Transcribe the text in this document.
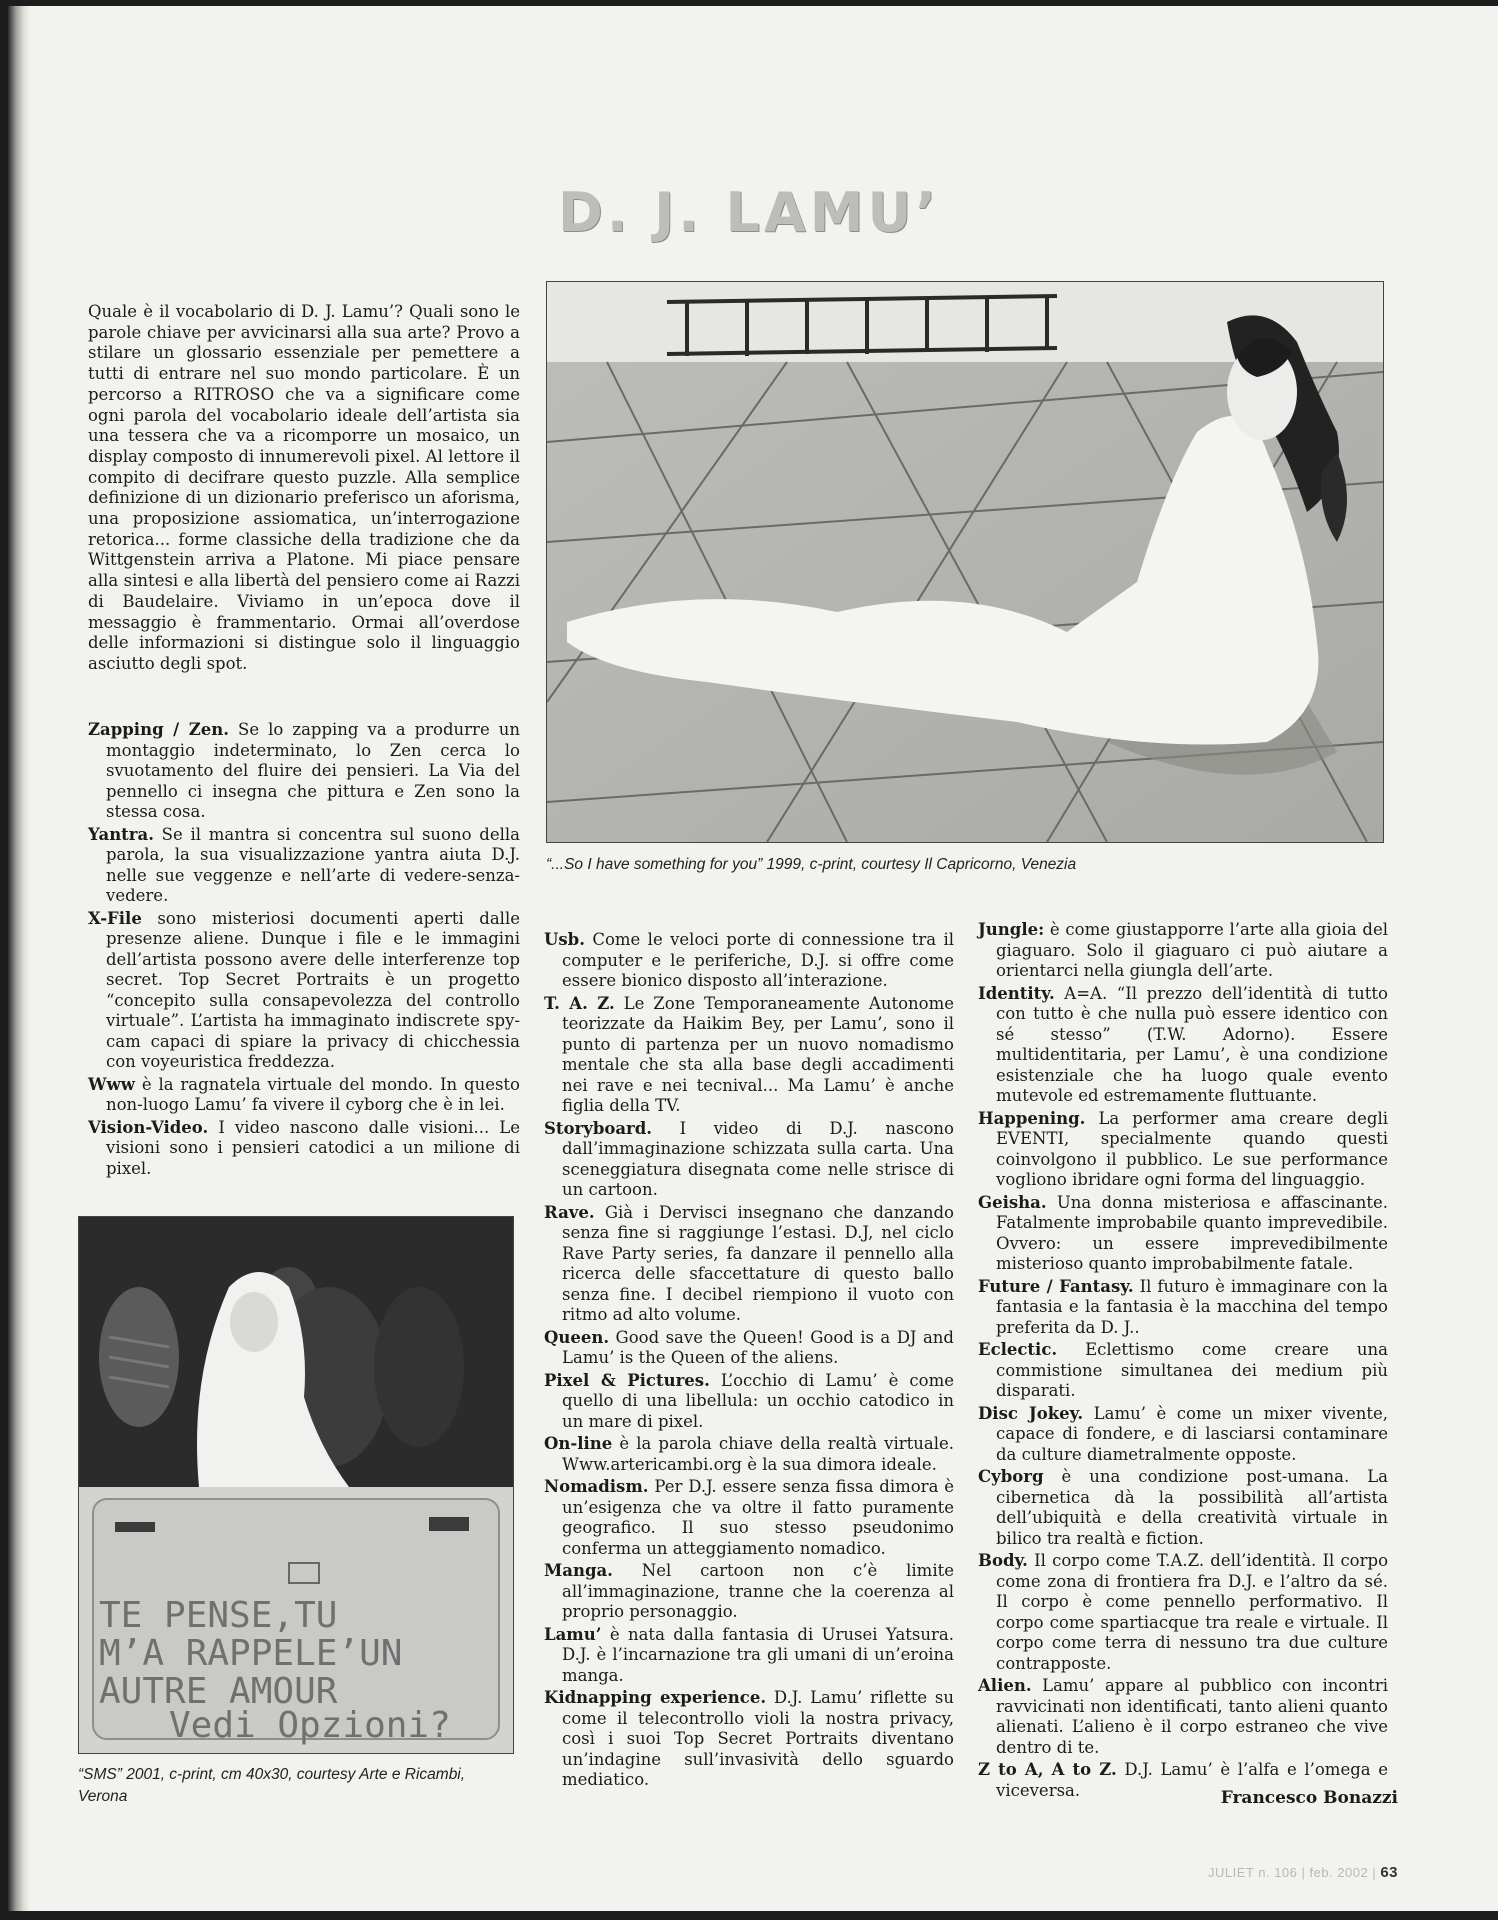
D. J. LAMU’

Quale è il vocabolario di D. J. Lamu’? Quali sono le parole chiave per avvicinarsi alla sua arte? Provo a stilare un glossario essenziale per pemettere a tutti di entrare nel suo mondo particolare. È un percorso a RITROSO che va a significare come ogni parola del vocabolario ideale dell’artista sia una tessera che va a ricomporre un mosaico, un display composto di innumerevoli pixel. Al lettore il compito di decifrare questo puzzle. Alla semplice definizione di un dizionario preferisco un aforisma, una proposizione assiomatica, un’interrogazione retorica... forme classiche della tradizione che da Wittgenstein arriva a Platone. Mi piace pensare alla sintesi e alla libertà del pensiero come ai Razzi di Baudelaire. Viviamo in un’epoca dove il messaggio è frammentario. Ormai all’overdose delle informazioni si distingue solo il linguaggio asciutto degli spot.

Zapping / Zen. Se lo zapping va a produrre un montaggio indeterminato, lo Zen cerca lo svuotamento del fluire dei pensieri. La Via del pennello ci insegna che pittura e Zen sono la stessa cosa.

Yantra. Se il mantra si concentra sul suono della parola, la sua visualizzazione yantra aiuta D.J. nelle sue veggenze e nell’arte di vedere-senza-vedere.

X-File sono misteriosi documenti aperti dalle presenze aliene. Dunque i file e le immagini dell’artista possono avere delle interferenze top secret. Top Secret Portraits è un progetto “concepito sulla consapevolezza del controllo virtuale”. L’artista ha immaginato indiscrete spy-cam capaci di spiare la privacy di chicchessia con voyeuristica freddezza.

Www è la ragnatela virtuale del mondo. In questo non-luogo Lamu’ fa vivere il cyborg che è in lei.

Vision-Video. I video nascono dalle visioni... Le visioni sono i pensieri catodici a un milione di pixel.

“...So I have something for you” 1999, c-print, courtesy Il Capricorno, Venezia
TE PENSE,TU
M’A RAPPELE’UN
AUTRE AMOUR
Vedi Opzioni?
“SMS” 2001, c-print, cm 40x30, courtesy Arte e Ricambi, Verona

Usb. Come le veloci porte di connessione tra il computer e le periferiche, D.J. si offre come essere bionico disposto all’interazione.

T. A. Z. Le Zone Temporaneamente Autonome teorizzate da Haikim Bey, per Lamu’, sono il punto di partenza per un nuovo nomadismo mentale che sta alla base degli accadimenti nei rave e nei tecnival... Ma Lamu’ è anche figlia della TV.

Storyboard. I video di D.J. nascono dall’immaginazione schizzata sulla carta. Una sceneggiatura disegnata come nelle strisce di un cartoon.

Rave. Già i Dervisci insegnano che danzando senza fine si raggiunge l’estasi. D.J, nel ciclo Rave Party series, fa danzare il pennello alla ricerca delle sfaccettature di questo ballo senza fine. I decibel riempiono il vuoto con ritmo ad alto volume.

Queen. Good save the Queen! Good is a DJ and Lamu’ is the Queen of the aliens.

Pixel & Pictures. L’occhio di Lamu’ è come quello di una libellula: un occhio catodico in un mare di pixel.

On-line è la parola chiave della realtà virtuale. Www.artericambi.org è la sua dimora ideale.

Nomadism. Per D.J. essere senza fissa dimora è un’esigenza che va oltre il fatto puramente geografico. Il suo stesso pseudonimo conferma un atteggiamento nomadico.

Manga. Nel cartoon non c’è limite all’immaginazione, tranne che la coerenza al proprio personaggio.

Lamu’ è nata dalla fantasia di Urusei Yatsura. D.J. è l’incarnazione tra gli umani di un’eroina manga.

Kidnapping experience. D.J. Lamu’ riflette su come il telecontrollo violi la nostra privacy, così i suoi Top Secret Portraits diventano un’indagine sull’invasività dello sguardo mediatico.

Jungle: è come giustapporre l’arte alla gioia del giaguaro. Solo il giaguaro ci può aiutare a orientarci nella giungla dell’arte.

Identity. A=A. “Il prezzo dell’identità di tutto con tutto è che nulla può essere identico con sé stesso” (T.W. Adorno). Essere multidentitaria, per Lamu’, è una condizione esistenziale che ha luogo quale evento mutevole ed estremamente fluttuante.

Happening. La performer ama creare degli EVENTI, specialmente quando questi coinvolgono il pubblico. Le sue performance vogliono ibridare ogni forma del linguaggio.

Geisha. Una donna misteriosa e affascinante. Fatalmente improbabile quanto imprevedibile. Ovvero: un essere imprevedibilmente misterioso quanto improbabilmente fatale.

Future / Fantasy. Il futuro è immaginare con la fantasia e la fantasia è la macchina del tempo preferita da D. J..

Eclectic. Eclettismo come creare una commistione simultanea dei medium più disparati.

Disc Jokey. Lamu’ è come un mixer vivente, capace di fondere, e di lasciarsi contaminare da culture diametralmente opposte.

Cyborg è una condizione post-umana. La cibernetica dà la possibilità all’artista dell’ubiquità e della creatività virtuale in bilico tra realtà e fiction.

Body. Il corpo come T.A.Z. dell’identità. Il corpo come zona di frontiera fra D.J. e l’altro da sé. Il corpo è come pennello performativo. Il corpo come spartiacque tra reale e virtuale. Il corpo come terra di nessuno tra due culture contrapposte.

Alien. Lamu’ appare al pubblico con incontri ravvicinati non identificati, tanto alieni quanto alienati. L’alieno è il corpo estraneo che vive dentro di te.

Z to A, A to Z. D.J. Lamu’ è l’alfa e l’omega e viceversa.	Francesco Bonazzi
JULIET n. 106 | feb. 2002 | 63
